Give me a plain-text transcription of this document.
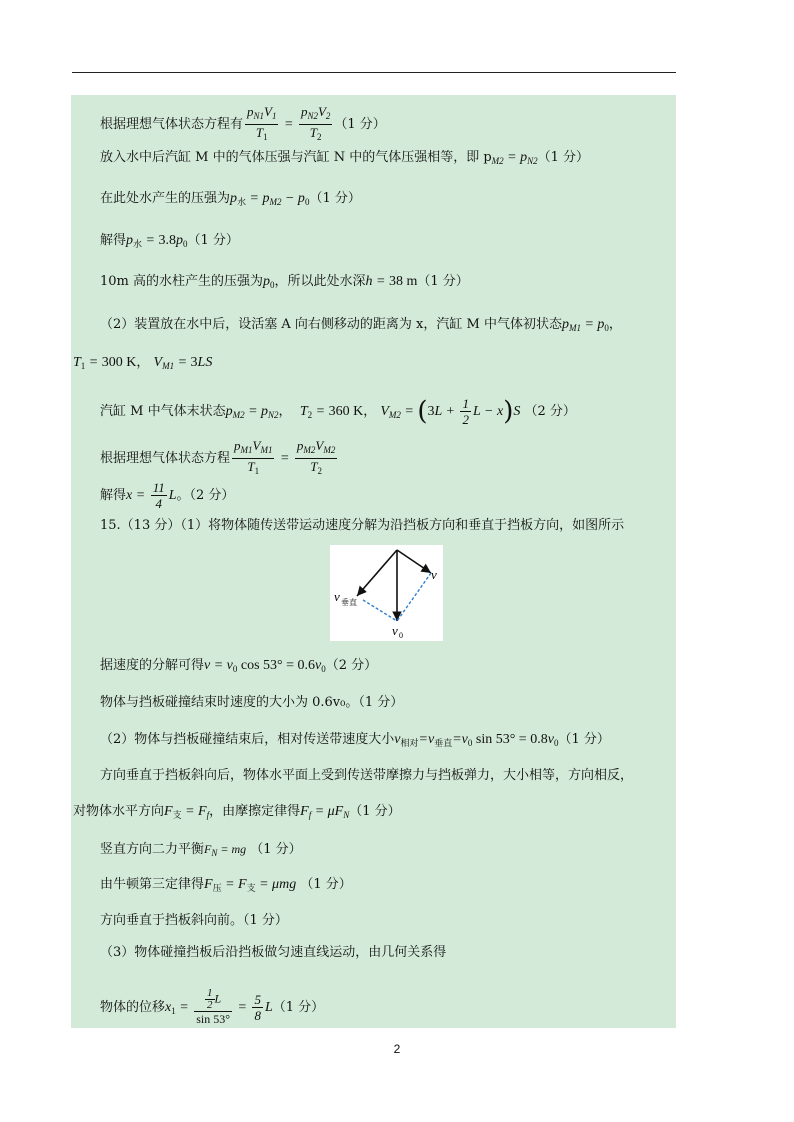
根据理想气体状态方程有 $\frac{p_{N1}V_1}{T_1} = \frac{p_{N2}V_2}{T_2} (1$ 分）
放入水中后汽缸 M 中的气体压强与汽缸 N 中的气体压强相等，即 $p_{M2} = p_{N2}(1$ 分）
在此处水产生的压强为$p_水 = p_{M2} - p_0(1$ 分）
解得$p_水 = 3.8p_0(1$ 分）
10m 高的水柱产生的压强为$p_0$，所以此处水深h = 38 m（1 分）
（2）装置放在水中后，设活塞 A 向右侧移动的距离为 x，汽缸 M 中气体初状态$p_{M1} = p_0$，
$T_1 = 300$ K， $V_{M1} = 3LS$
汽缸 M 中气体末状态$p_{M2} = p_{N2}$，  $T_2 = 360$ K， $V_{M2} = (3L + \frac{1}{2}$ L − x)S （2 分）
根据理想气体状态方程 $\frac{p_{M1}V_{M1}}{T_1} = \frac{p_{M2}V_{M2}}{T_2}$
解得$x = \frac{11}{4}$ L。（2 分）
15.（13 分）（1）将物体随传送带运动速度分解为沿挡板方向和垂直于挡板方向，如图所示
v
v 垂直
v 0
据速度的分解可得$v = v_0$ $\cos 53^\circ = 0.6v_0(2$ 分）
物体与挡板碰撞结束时速度的大小为 0.6v₀。（1 分）
（2）物体与挡板碰撞结束后，相对传送带速度大小$v_{相对}=v_{垂直}=v_0$ $\sin 53^\circ = 0.8v_0(1$ 分）
方向垂直于挡板斜向后，物体水平面上受到传送带摩擦力与挡板弹力，大小相等，方向相反，
对物体水平方向$F_支 = F_f$，由摩擦定律得$F_f = \mu F_N(1$ 分）
竖直方向二力平衡$F_N$ = mg （1 分）
由牛顿第三定律得$F_压 = F_支 = \mu mg$ （1 分）
方向垂直于挡板斜向前。（1 分）
（3）物体碰撞挡板后沿挡板做匀速直线运动，由几何关系得
物体的位移$x_1 = \frac{\frac{1}{2} L}{\sin 53^\circ} = \frac{5}{8} L(1$ 分）
2
